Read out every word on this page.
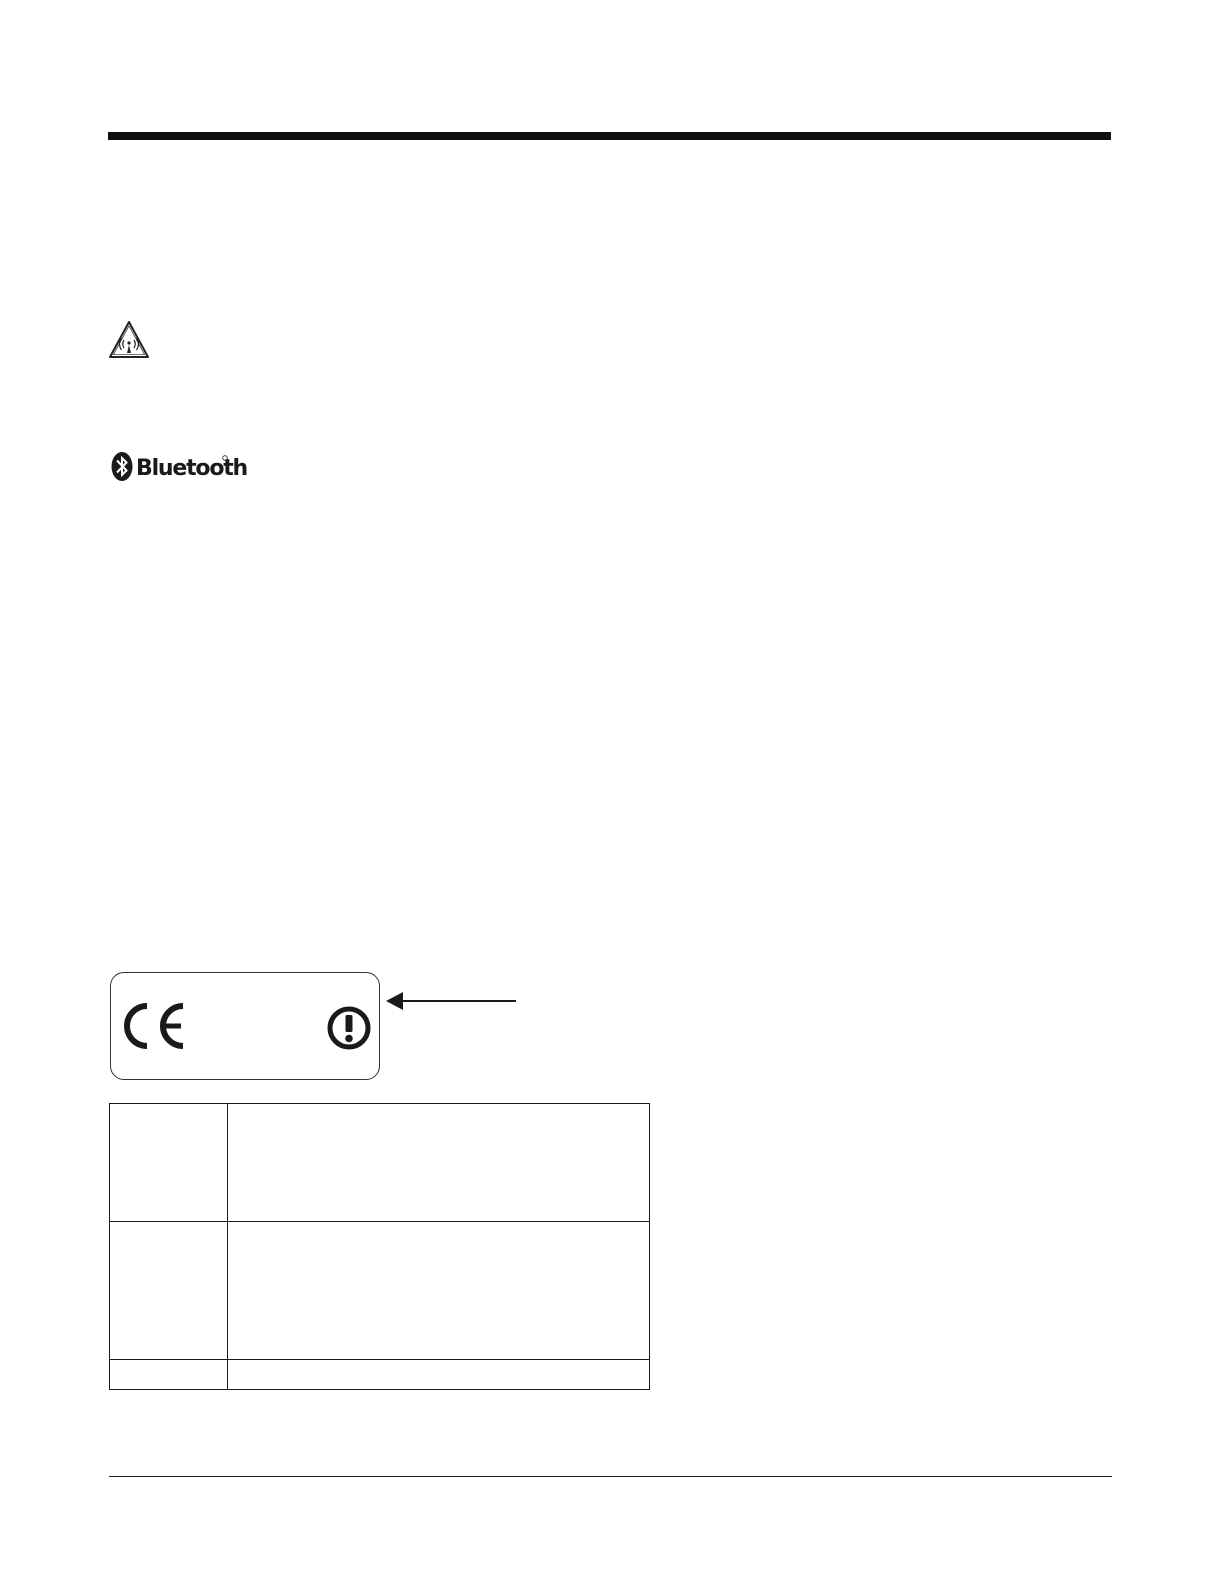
Bluetooth
